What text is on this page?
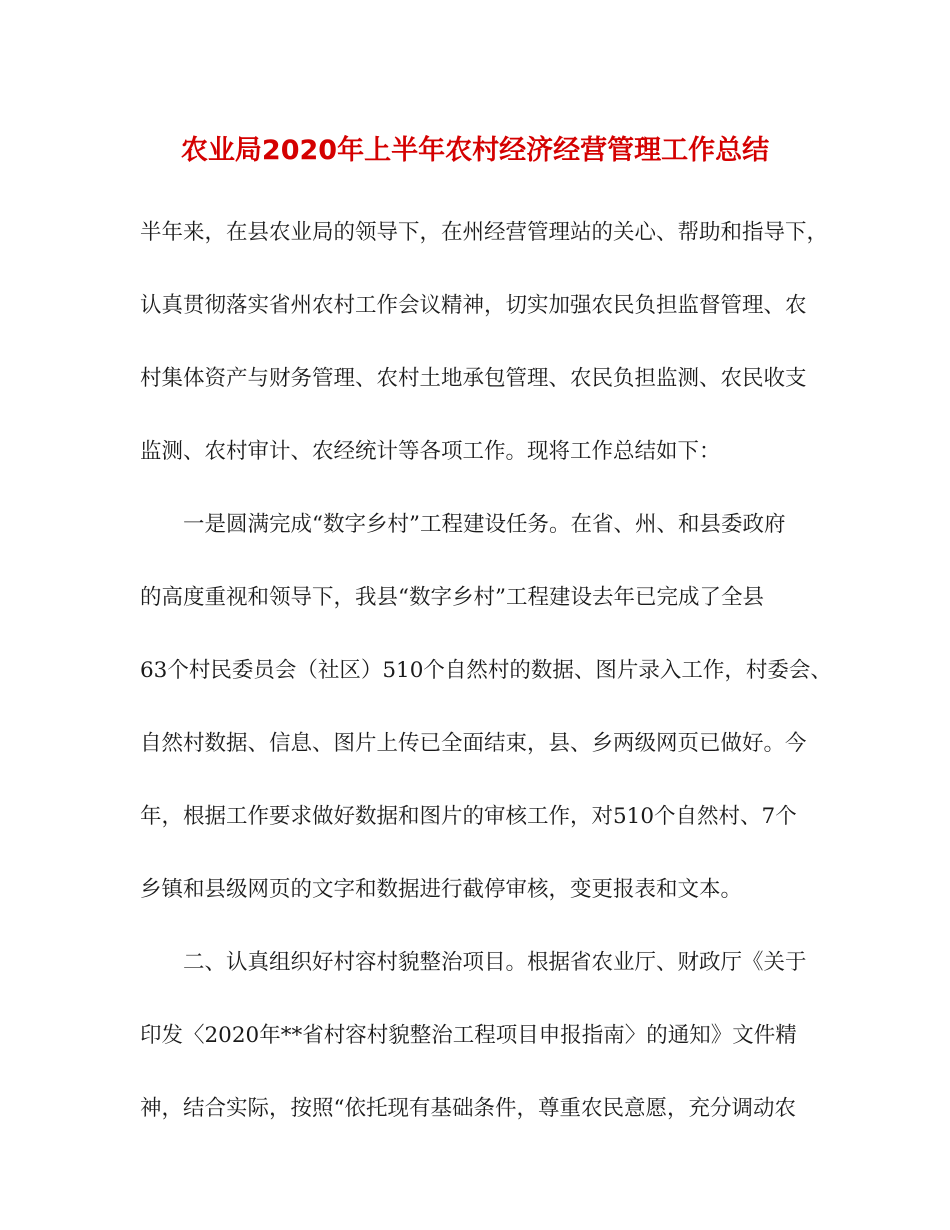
农业局2020年上半年农村经济经营管理工作总结
半年来，在县农业局的领导下，在州经营管理站的关心、帮助和指导下，
认真贯彻落实省州农村工作会议精神，切实加强农民负担监督管理、农
村集体资产与财务管理、农村土地承包管理、农民负担监测、农民收支
监测、农村审计、农经统计等各项工作。现将工作总结如下：
一是圆满完成“数字乡村”工程建设任务。在省、州、和县委政府
的高度重视和领导下，我县“数字乡村”工程建设去年已完成了全县
63个村民委员会（社区）510个自然村的数据、图片录入工作，村委会、
自然村数据、信息、图片上传已全面结束，县、乡两级网页已做好。今
年，根据工作要求做好数据和图片的审核工作，对510个自然村、7个
乡镇和县级网页的文字和数据进行截停审核，变更报表和文本。
二、认真组织好村容村貌整治项目。根据省农业厅、财政厅《关于
印发〈2020年**省村容村貌整治工程项目申报指南〉的通知》文件精
神，结合实际，按照“依托现有基础条件，尊重农民意愿，充分调动农
